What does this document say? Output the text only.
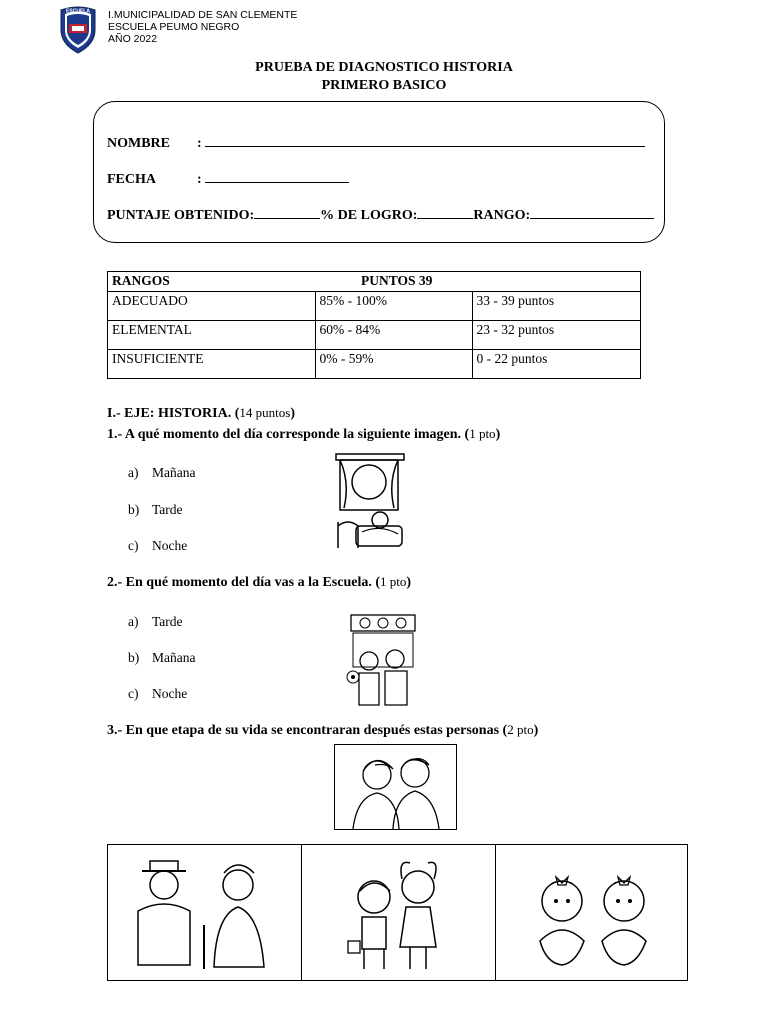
ESCUELA I.MUNICIPALIDAD DE SAN CLEMENTE
ESCUELA PEUMO NEGRO
AÑO 2022
PRUEBA DE DIAGNOSTICO HISTORIA
PRIMERO BASICO
NOMBRE :
FECHA	:
PUNTAJE OBTENIDO:	% DE LOGRO:	RANGO:
RANGOS	PUNTOS 39	
ADECUADO	85% - 100%	33 - 39 puntos
ELEMENTAL	60% - 84%	23 - 32 puntos
INSUFICIENTE	0% - 59%	0 - 22 puntos
I.- EJE: HISTORIA. (14 puntos)
1.- A qué momento del día corresponde la siguiente imagen. (1 pto)
a) Mañana
b) Tarde
c) Noche
2.- En qué momento del día vas a la Escuela. (1 pto)
a) Tarde
b) Mañana
c) Noche
3.- En que etapa de su vida se encontraran después estas personas (2 pto)
